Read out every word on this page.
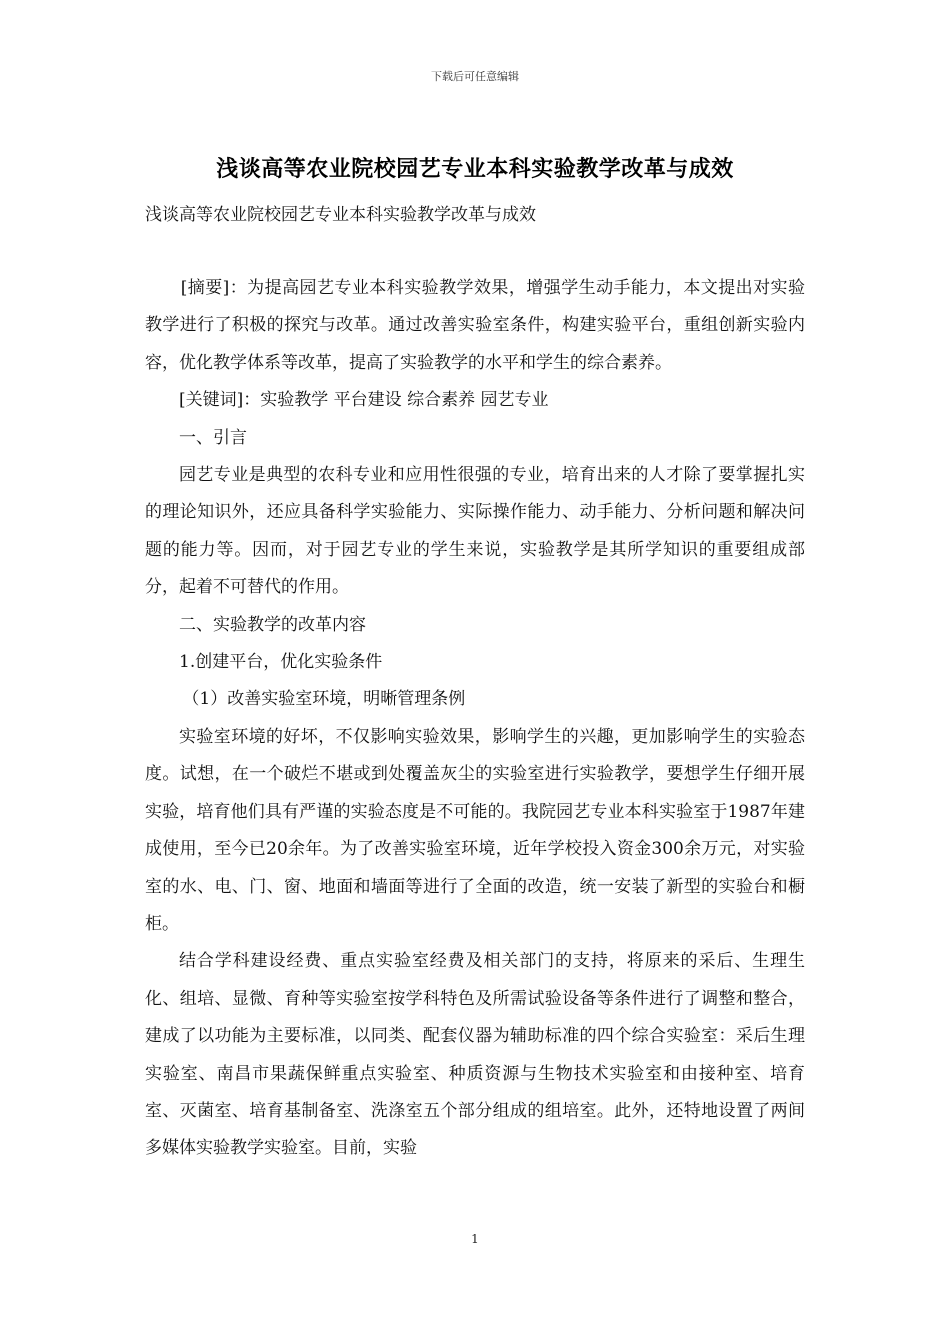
下载后可任意编辑
浅谈高等农业院校园艺专业本科实验教学改革与成效

浅谈高等农业院校园艺专业本科实验教学改革与成效

[摘要]：为提高园艺专业本科实验教学效果，增强学生动手能力，本文提出对实验教学进行了积极的探究与改革。通过改善实验室条件，构建实验平台，重组创新实验内容，优化教学体系等改革，提高了实验教学的水平和学生的综合素养。

[关键词]：实验教学 平台建设 综合素养 园艺专业

一、引言

园艺专业是典型的农科专业和应用性很强的专业，培育出来的人才除了要掌握扎实的理论知识外，还应具备科学实验能力、实际操作能力、动手能力、分析问题和解决问题的能力等。因而，对于园艺专业的学生来说，实验教学是其所学知识的重要组成部分，起着不可替代的作用。

二、实验教学的改革内容

1.创建平台，优化实验条件

（1）改善实验室环境，明晰管理条例

实验室环境的好坏，不仅影响实验效果，影响学生的兴趣，更加影响学生的实验态度。试想，在一个破烂不堪或到处覆盖灰尘的实验室进行实验教学，要想学生仔细开展实验，培育他们具有严谨的实验态度是不可能的。我院园艺专业本科实验室于1987年建成使用，至今已20余年。为了改善实验室环境，近年学校投入资金300余万元，对实验室的水、电、门、窗、地面和墙面等进行了全面的改造，统一安装了新型的实验台和橱柜。

结合学科建设经费、重点实验室经费及相关部门的支持，将原来的采后、生理生化、组培、显微、育种等实验室按学科特色及所需试验设备等条件进行了调整和整合，建成了以功能为主要标准，以同类、配套仪器为辅助标准的四个综合实验室：采后生理实验室、南昌市果蔬保鲜重点实验室、种质资源与生物技术实验室和由接种室、培育室、灭菌室、培育基制备室、洗涤室五个部分组成的组培室。此外，还特地设置了两间多媒体实验教学实验室。目前，实验

1
